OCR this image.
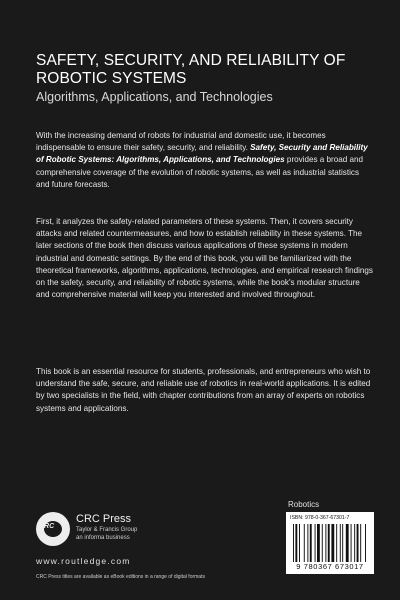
SAFETY, SECURITY, AND RELIABILITY OF ROBOTIC SYSTEMS
Algorithms, Applications, and Technologies

With the increasing demand of robots for industrial and domestic use, it becomes indispensable to ensure their safety, security, and reliability. Safety, Security and Reliability of Robotic Systems: Algorithms, Applications, and Technologies provides a broad and comprehensive coverage of the evolution of robotic systems, as well as industrial statistics and future forecasts.

First, it analyzes the safety-related parameters of these systems. Then, it covers security attacks and related countermeasures, and how to establish reliability in these systems. The later sections of the book then discuss various applications of these systems in modern industrial and domestic settings. By the end of this book, you will be familiarized with the theoretical frameworks, algorithms, applications, technologies, and empirical research findings on the safety, security, and reliability of robotic systems, while the book's modular structure and comprehensive material will keep you interested and involved throughout.

This book is an essential resource for students, professionals, and entrepreneurs who wish to understand the safe, secure, and reliable use of robotics in real-world applications. It is edited by two specialists in the field, with chapter contributions from an array of experts on robotics systems and applications.

CRC
CRC Press
Taylor & Francis Group
an informa business
www.routledge.com
CRC Press titles are available as eBook editions in a range of digital formats
Robotics
ISBN: 978-0-367-67301-7
9 780367 673017
